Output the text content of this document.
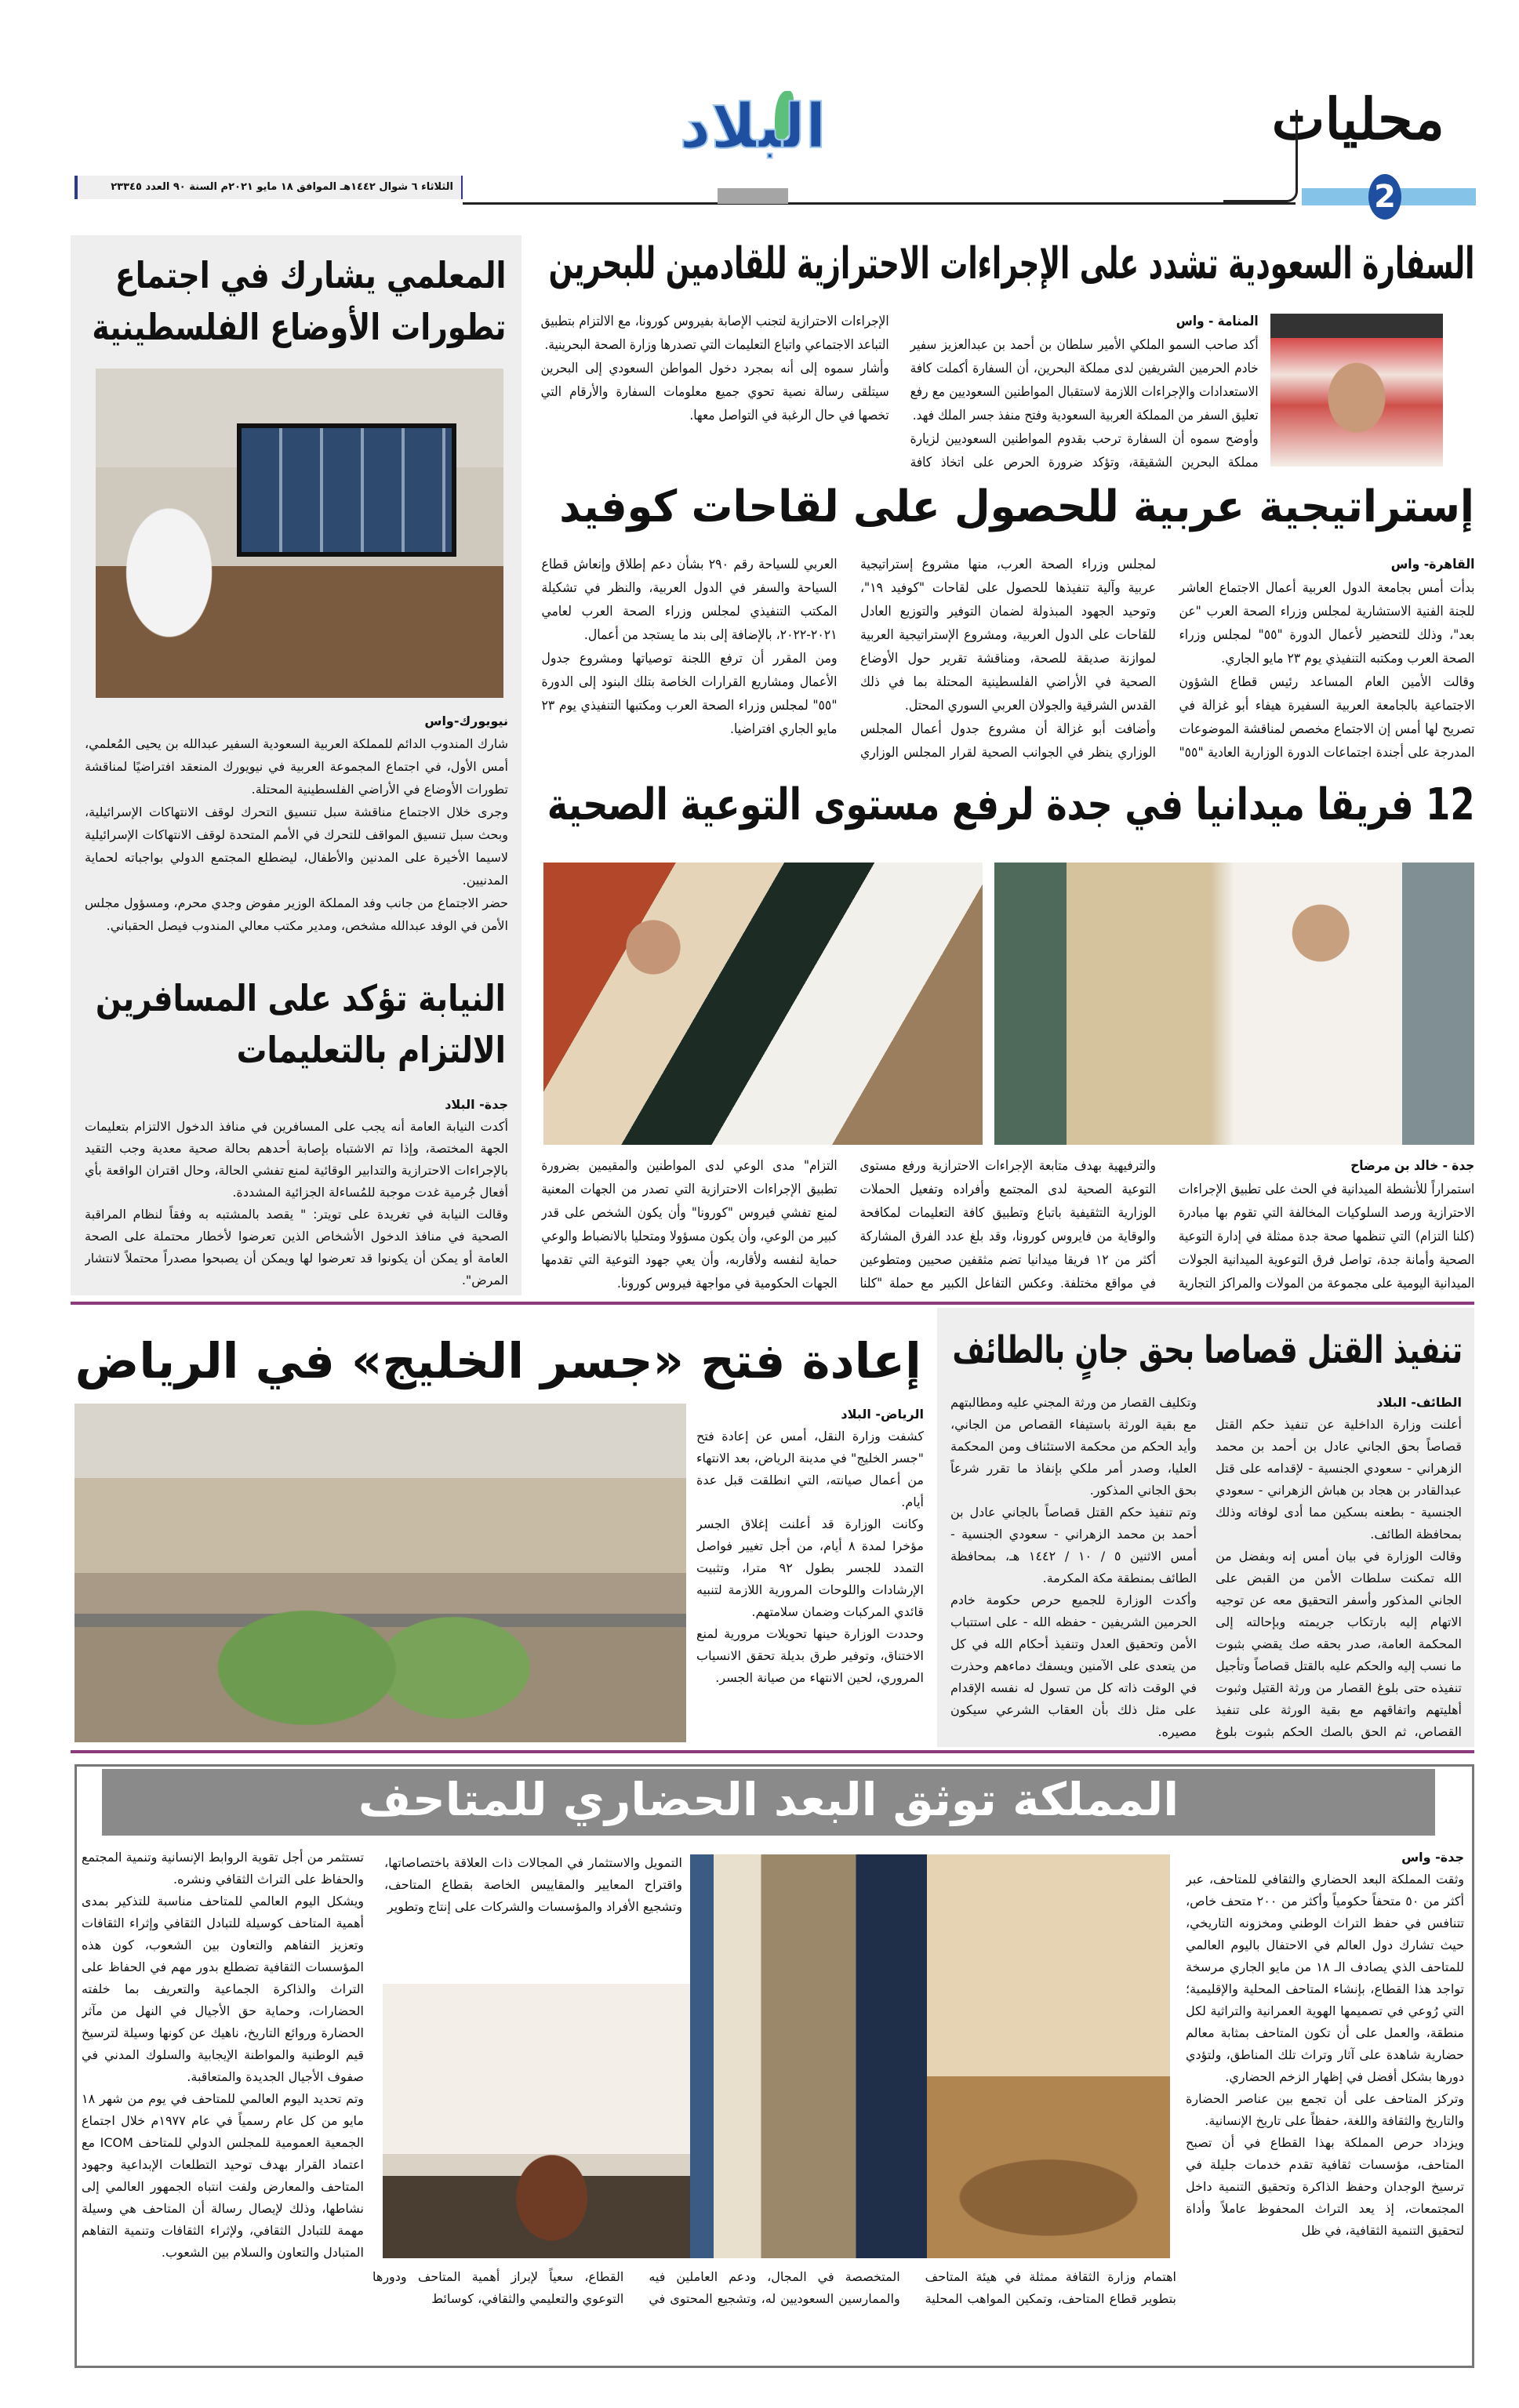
محليات
2
البلاد
الثلاثاء ٦ شوال ١٤٤٢هـ الموافق ١٨ مايو ٢٠٢١م السنة ٩٠ العدد ٢٣٣٤٥
السفارة السعودية تشدد على الإجراءات الاحترازية للقادمين للبحرين
المنامة - واس

أكد صاحب السمو الملكي الأمير سلطان بن أحمد بن عبدالعزيز سفير خادم الحرمين الشريفين لدى مملكة البحرين، أن السفارة أكملت كافة الاستعدادات والإجراءات اللازمة لاستقبال المواطنين السعوديين مع رفع تعليق السفر من المملكة العربية السعودية وفتح منفذ جسر الملك فهد.

وأوضح سموه أن السفارة ترحب بقدوم المواطنين السعوديين لزيارة مملكة البحرين الشقيقة، وتؤكد ضرورة الحرص على اتخاذ كافة الإجراءات الاحترازية لتجنب الإصابة بفيروس كورونا، مع الالتزام بتطبيق التباعد الاجتماعي واتباع التعليمات التي تصدرها وزارة الصحة البحرينية.

وأشار سموه إلى أنه بمجرد دخول المواطن السعودي إلى البحرين سيتلقى رسالة نصية تحوي جميع معلومات السفارة والأرقام التي تخصها في حال الرغبة في التواصل معها.

إستراتيجية عربية للحصول على لقاحات كوفيد
القاهرة- واس

بدأت أمس بجامعة الدول العربية أعمال الاجتماع العاشر للجنة الفنية الاستشارية لمجلس وزراء الصحة العرب "عن بعد"، وذلك للتحضير لأعمال الدورة "٥٥" لمجلس وزراء الصحة العرب ومكتبه التنفيذي يوم ٢٣ مايو الجاري.

وقالت الأمين العام المساعد رئيس قطاع الشؤون الاجتماعية بالجامعة العربية السفيرة هيفاء أبو غزالة في تصريح لها أمس إن الاجتماع مخصص لمناقشة الموضوعات المدرجة على أجندة اجتماعات الدورة الوزارية العادية "٥٥" لمجلس وزراء الصحة العرب، منها مشروع إستراتيجية عربية وآلية تنفيذها للحصول على لقاحات "كوفيد ١٩"، وتوحيد الجهود المبذولة لضمان التوفير والتوزيع العادل للقاحات على الدول العربية، ومشروع الإستراتيجية العربية لموازنة صديقة للصحة، ومناقشة تقرير حول الأوضاع الصحية في الأراضي الفلسطينية المحتلة بما في ذلك القدس الشرقية والجولان العربي السوري المحتل.

وأضافت أبو غزالة أن مشروع جدول أعمال المجلس الوزاري ينظر في الجوانب الصحية لقرار المجلس الوزاري العربي للسياحة رقم ٢٩٠ بشأن دعم إطلاق وإنعاش قطاع السياحة والسفر في الدول العربية، والنظر في تشكيلة المكتب التنفيذي لمجلس وزراء الصحة العرب لعامي ٢٠٢١-٢٠٢٢، بالإضافة إلى بند ما يستجد من أعمال.

ومن المقرر أن ترفع اللجنة توصياتها ومشروع جدول الأعمال ومشاريع القرارات الخاصة بتلك البنود إلى الدورة "٥٥" لمجلس وزراء الصحة العرب ومكتبها التنفيذي يوم ٢٣ مايو الجاري افتراضيا.

12 فريقا ميدانيا في جدة لرفع مستوى التوعية الصحية
جدة - خالد بن مرضاح

استمراراً للأنشطة الميدانية في الحث على تطبيق الإجراءات الاحترازية ورصد السلوكيات المخالفة التي تقوم بها مبادرة (كلنا التزام) التي تنظمها صحة جدة ممثلة في إدارة التوعية الصحية وأمانة جدة، تواصل فرق التوعوية الميدانية الجولات الميدانية اليومية على مجموعة من المولات والمراكز التجارية والترفيهية بهدف متابعة الإجراءات الاحترازية ورفع مستوى التوعية الصحية لدى المجتمع وأفراده وتفعيل الحملات الوزارية التثقيفية باتباع وتطبيق كافة التعليمات لمكافحة والوقاية من فايروس كورونا، وقد بلغ عدد الفرق المشاركة أكثر من ١٢ فريقا ميدانيا تضم مثقفين صحيين ومتطوعين في مواقع مختلفة. وعكس التفاعل الكبير مع حملة "كلنا التزام" مدى الوعي لدى المواطنين والمقيمين بضرورة تطبيق الإجراءات الاحترازية التي تصدر من الجهات المعنية لمنع تفشي فيروس "كورونا" وأن يكون الشخص على قدر كبير من الوعي، وأن يكون مسؤولا ومتحليا بالانضباط والوعي حماية لنفسه ولأقاربه، وأن يعي جهود التوعية التي تقدمها الجهات الحكومية في مواجهة فيروس كورونا.

المعلمي يشارك في اجتماع تطورات الأوضاع الفلسطينية
نيويورك-واس

شارك المندوب الدائم للمملكة العربية السعودية السفير عبدالله بن يحيى المُعلمي، أمس الأول، في اجتماع المجموعة العربية في نيويورك المنعقد افتراضيًا لمناقشة تطورات الأوضاع في الأراضي الفلسطينية المحتلة.

وجرى خلال الاجتماع مناقشة سبل تنسيق التحرك لوقف الانتهاكات الإسرائيلية، وبحث سبل تنسيق المواقف للتحرك في الأمم المتحدة لوقف الانتهاكات الإسرائيلية لاسيما الأخيرة على المدنين والأطفال، ليضطلع المجتمع الدولي بواجباته لحماية المدنيين.

حضر الاجتماع من جانب وفد المملكة الوزير مفوض وجدي محرم، ومسؤول مجلس الأمن في الوفد عبدالله مشخص، ومدير مكتب معالي المندوب فيصل الحقباني.

النيابة تؤكد على المسافرين الالتزام بالتعليمات
جدة- البلاد

أكدت النيابة العامة أنه يجب على المسافرين في منافذ الدخول الالتزام بتعليمات الجهة المختصة، وإذا تم الاشتباه بإصابة أحدهم بحالة صحية معدية وجب التقيد بالإجراءات الاحترازية والتدابير الوقائية لمنع تفشي الحالة، وحال اقتران الواقعة بأي أفعال جُرمية غدت موجبة للمُساءلة الجزائية المشددة.

وقالت النيابة في تغريدة على تويتر: " يقصد بالمشتبه به وفقاً لنظام المراقبة الصحية في منافذ الدخول الأشخاص الذين تعرضوا لأخطار محتملة على الصحة العامة أو يمكن أن يكونوا قد تعرضوا لها ويمكن أن يصبحوا مصدراً محتملاً لانتشار المرض".

تنفيذ القتل قصاصا بحق جانٍ بالطائف
الطائف- البلاد

أعلنت وزارة الداخلية عن تنفيذ حكم القتل قصاصاً بحق الجاني عادل بن أحمد بن محمد الزهراني - سعودي الجنسية - لإقدامه على قتل عبدالقادر بن هجاد بن هباش الزهراني - سعودي الجنسية - بطعنه بسكين مما أدى لوفاته وذلك بمحافظة الطائف.

وقالت الوزارة في بيان أمس إنه وبفضل من الله تمكنت سلطات الأمن من القبض على الجاني المذكور وأسفر التحقيق معه عن توجيه الاتهام إليه بارتكاب جريمته وبإحالته إلى المحكمة العامة، صدر بحقه صك يقضي بثبوت ما نسب إليه والحكم عليه بالقتل قصاصاً وتأجيل تنفيذه حتى بلوغ القصار من ورثة القتيل وثبوت أهليتهم واتفاقهم مع بقية الورثة على تنفيذ القصاص، ثم الحق بالصك الحكم بثبوت بلوغ وتكليف القصار من ورثة المجني عليه ومطالبتهم مع بقية الورثة باستيفاء القصاص من الجاني، وأيد الحكم من محكمة الاستئناف ومن المحكمة العليا، وصدر أمر ملكي بإنفاذ ما تقرر شرعاً بحق الجاني المذكور.

وتم تنفيذ حكم القتل قصاصاً بالجاني عادل بن أحمد بن محمد الزهراني - سعودي الجنسية - أمس الاثنين ٥ / ١٠ / ١٤٤٢ هـ، بمحافظة الطائف بمنطقة مكة المكرمة.

وأكدت الوزارة للجميع حرص حكومة خادم الحرمين الشريفين - حفظه الله - على استتباب الأمن وتحقيق العدل وتنفيذ أحكام الله في كل من يتعدى على الآمنين ويسفك دماءهم وحذرت في الوقت ذاته كل من تسول له نفسه الإقدام على مثل ذلك بأن العقاب الشرعي سيكون مصيره.

إعادة فتح «جسر الخليج» في الرياض
الرياض- البلاد

كشفت وزارة النقل، أمس عن إعادة فتح "جسر الخليج" في مدينة الرياض، بعد الانتهاء من أعمال صيانته، التي انطلقت قبل عدة أيام.

وكانت الوزارة قد أعلنت إغلاق الجسر مؤخرا لمدة ٨ أيام، من أجل تغيير فواصل التمدد للجسر بطول ٩٢ مترا، وتثبيت الإرشادات واللوحات المرورية اللازمة لتنبيه قائدي المركبات وضمان سلامتهم.

وحددت الوزارة حينها تحويلات مرورية لمنع الاختناق، وتوفير طرق بديلة تحقق الانسياب المروري، لحين الانتهاء من صيانة الجسر.

المملكة توثق البعد الحضاري للمتاحف
جدة- واس

وثقت المملكة البعد الحضاري والثقافي للمتاحف، عبر أكثر من ٥٠ متحفاً حكومياً وأكثر من ٢٠٠ متحف خاص، تتنافس في حفظ التراث الوطني ومخزونه التاريخي، حيث تشارك دول العالم في الاحتفال باليوم العالمي للمتاحف الذي يصادف الـ ١٨ من مايو الجاري مرسخة تواجد هذا القطاع، بإنشاء المتاحف المحلية والإقليمية؛ التي رُوعي في تصميمها الهوية العمرانية والتراثية لكل منطقة، والعمل على أن تكون المتاحف بمثابة معالم حضارية شاهدة على آثار وتراث تلك المناطق، ولتؤدي دورها بشكل أفضل في إظهار الزخم الحضاري.

وتركز المتاحف على أن تجمع بين عناصر الحضارة والتاريخ والثقافة واللغة، حفظاً على تاريخ الإنسانية.

ويزداد حرص المملكة بهذا القطاع في أن تصبح المتاحف، مؤسسات ثقافية تقدم خدمات جليلة في ترسيخ الوجدان وحفظ الذاكرة وتحقيق التنمية داخل المجتمعات، إذ يعد التراث المحفوظ عاملاً وأداة لتحقيق التنمية الثقافية، في ظل

التمويل والاستثمار في المجالات ذات العلاقة باختصاصاتها، واقتراح المعايير والمقاييس الخاصة بقطاع المتاحف، وتشجيع الأفراد والمؤسسات والشركات على إنتاج وتطوير
اهتمام وزارة الثقافة ممثلة في هيئة المتاحف بتطوير قطاع المتاحف، وتمكين المواهب المحلية المتخصصة في المجال، ودعم العاملين فيه والممارسين السعوديين له، وتشجيع المحتوى في القطاع، سعياً لإبراز أهمية المتاحف ودورها التوعوي والتعليمي والثقافي، كوسائط

تستثمر من أجل تقوية الروابط الإنسانية وتنمية المجتمع والحفاظ على التراث الثقافي ونشره.

ويشكل اليوم العالمي للمتاحف مناسبة للتذكير بمدى أهمية المتاحف كوسيلة للتبادل الثقافي وإثراء الثقافات وتعزيز التفاهم والتعاون بين الشعوب، كون هذه المؤسسات الثقافية تضطلع بدور مهم في الحفاظ على التراث والذاكرة الجماعية والتعريف بما خلفته الحضارات، وحماية حق الأجيال في النهل من مآثر الحضارة وروائع التاريخ، ناهيك عن كونها وسيلة لترسيخ قيم الوطنية والمواطنة الإيجابية والسلوك المدني في صفوف الأجيال الجديدة والمتعاقبة.

وتم تحديد اليوم العالمي للمتاحف في يوم من شهر ١٨ مايو من كل عام رسمياً في عام ١٩٧٧م خلال اجتماع الجمعية العمومية للمجلس الدولي للمتاحف ICOM مع اعتماد القرار بهدف توحيد التطلعات الإبداعية وجهود المتاحف والمعارض ولفت انتباه الجمهور العالمي إلى نشاطها، وذلك لإيصال رسالة أن المتاحف هي وسيلة مهمة للتبادل الثقافي، ولإثراء الثقافات وتنمية التفاهم المتبادل والتعاون والسلام بين الشعوب.
